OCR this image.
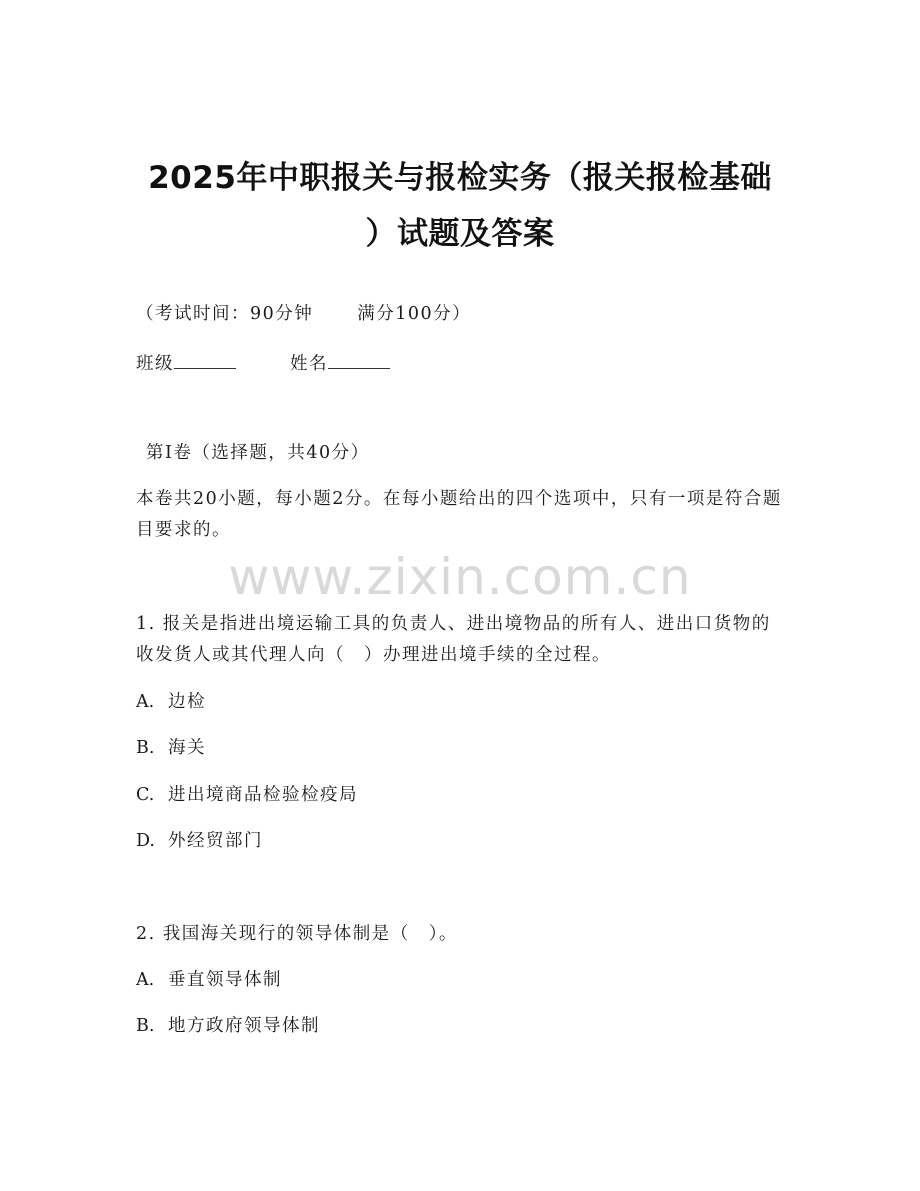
2025年中职报关与报检实务（报关报检基础
）试题及答案
（考试时间：90分钟	满分100分）
班级	姓名
第I卷（选择题，共40分）
本卷共20小题，每小题2分。在每小题给出的四个选项中，只有一项是符合题目要求的。
www.zixin.com.cn
1. 报关是指进出境运输工具的负责人、进出境物品的所有人、进出口货物的收发货人或其代理人向（　）办理进出境手续的全过程。
A. 边检
B. 海关
C. 进出境商品检验检疫局
D. 外经贸部门
2. 我国海关现行的领导体制是（　）。
A. 垂直领导体制
B. 地方政府领导体制
